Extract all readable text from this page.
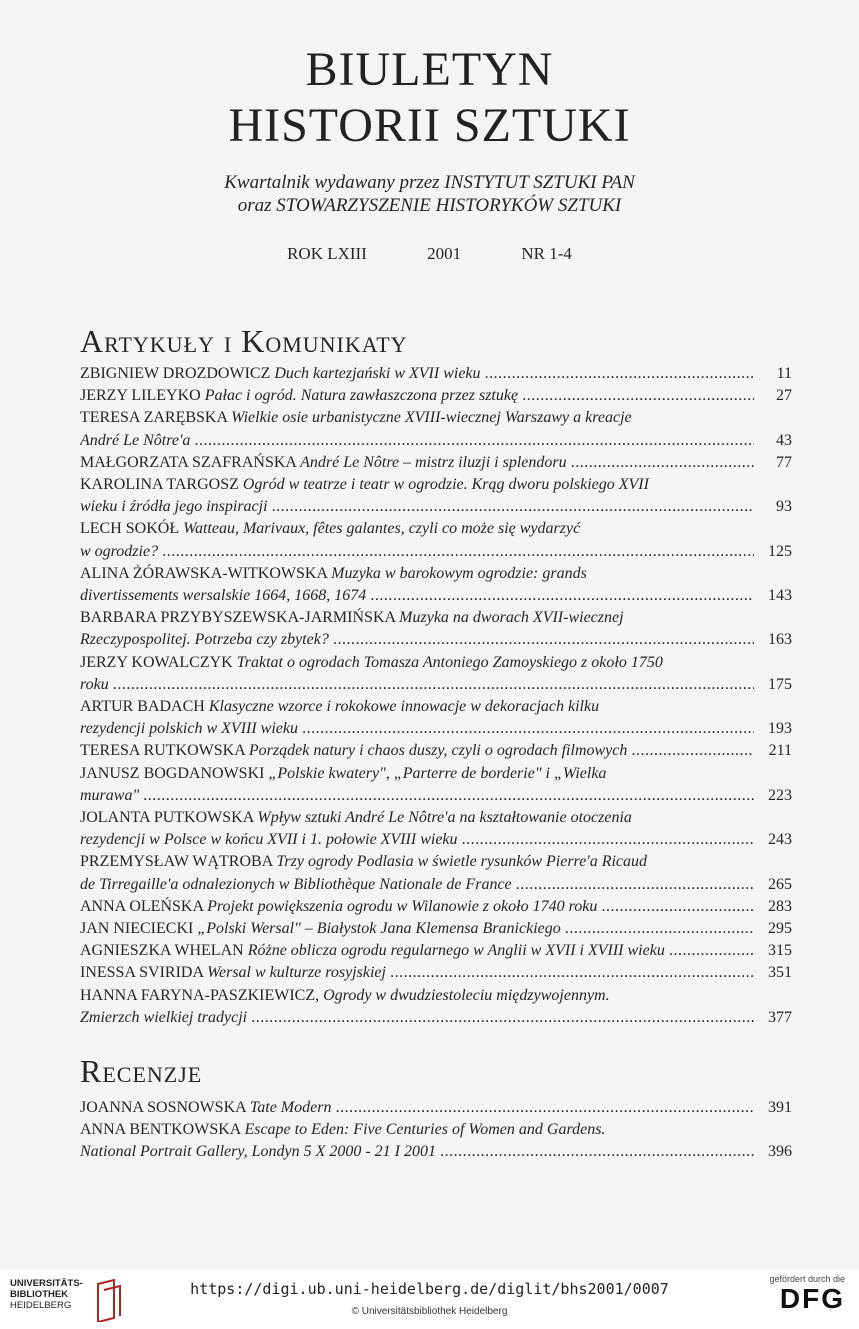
BIULETYN
HISTORII SZTUKI
Kwartalnik wydawany przez INSTYTUT SZTUKI PAN
oraz STOWARZYSZENIE HISTORYKÓW SZTUKI
ROK LXIII	2001	NR 1-4
Artykuły i Komunikaty
ZBIGNIEW DROZDOWICZ Duch kartezjański w XVII wieku .....	11
JERZY LILEYKO Pałac i ogród. Natura zawłaszczona przez sztukę .....	27
TERESA ZARĘBSKA Wielkie osie urbanistyczne XVIII-wiecznej Warszawy a kreacje
André Le Nôtre'a .....	43
MAŁGORZATA SZAFRAŃSKA André Le Nôtre – mistrz iluzji i splendoru .....	77
KAROLINA TARGOSZ Ogród w teatrze i teatr w ogrodzie. Krąg dworu polskiego XVII
wieku i źródła jego inspiracji .....	93
LECH SOKÓŁ Watteau, Marivaux, fêtes galantes, czyli co może się wydarzyć
w ogrodzie? .....	125
ALINA ŻÓRAWSKA-WITKOWSKA Muzyka w barokowym ogrodzie: grands
divertissements wersalskie 1664, 1668, 1674 .....	143
BARBARA PRZYBYSZEWSKA-JARMIŃSKA Muzyka na dworach XVII-wiecznej
Rzeczypospolitej. Potrzeba czy zbytek? .....	163
JERZY KOWALCZYK Traktat o ogrodach Tomasza Antoniego Zamoyskiego z około 1750
roku .....	175
ARTUR BADACH Klasyczne wzorce i rokokowe innowacje w dekoracjach kilku
rezydencji polskich w XVIII wieku .....	193
TERESA RUTKOWSKA Porządek natury i chaos duszy, czyli o ogrodach filmowych .....	211
JANUSZ BOGDANOWSKI „Polskie kwatery", „Parterre de borderie" i „Wielka
murawa" .....	223
JOLANTA PUTKOWSKA Wpływ sztuki André Le Nôtre'a na kształtowanie otoczenia
rezydencji w Polsce w końcu XVII i 1. połowie XVIII wieku .....	243
PRZEMYSŁAW WĄTROBA Trzy ogrody Podlasia w świetle rysunków Pierre'a Ricaud
de Tirregaille'a odnalezionych w Bibliothèque Nationale de France .....	265
ANNA OLEŃSKA Projekt powiększenia ogrodu w Wilanowie z około 1740 roku .....	283
JAN NIECIECKI „Polski Wersal" – Białystok Jana Klemensa Branickiego .....	295
AGNIESZKA WHELAN Różne oblicza ogrodu regularnego w Anglii w XVII i XVIII wieku .....	315
INESSA SVIRIDA Wersal w kulturze rosyjskiej .....	351
HANNA FARYNA-PASZKIEWICZ, Ogrody w dwudziestoleciu międzywojennym.
Zmierzch wielkiej tradycji .....	377
Recenzje
JOANNA SOSNOWSKA Tate Modern .....	391
ANNA BENTKOWSKA Escape to Eden: Five Centuries of Women and Gardens.
National Portrait Gallery, Londyn 5 X 2000 - 21 I 2001 .....	396
UNIVERSITÄTS-
BIBLIOTHEK
HEIDELBERG
https://digi.ub.uni-heidelberg.de/diglit/bhs2001/0007
© Universitätsbibliothek Heidelberg
gefördert durch die
DFG
